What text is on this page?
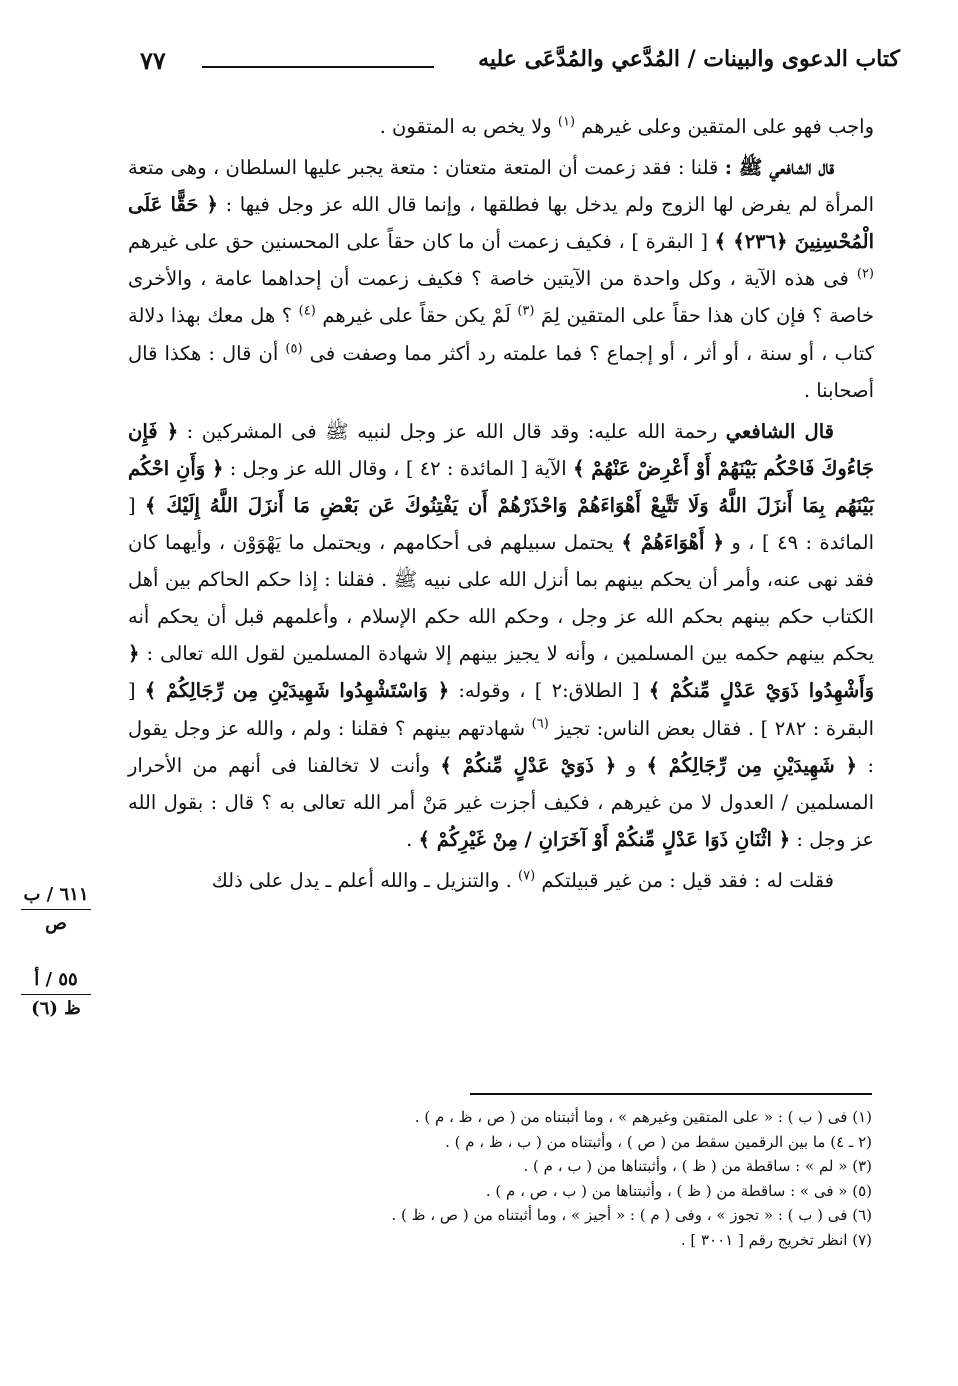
٧٧	كتاب الدعوى والبينات / المُدَّعي والمُدَّعَى عليه

واجب فهو على المتقين وعلى غيرهم $^{(١)}$ ولا يخص به المتقون .

قال الشافعي ﷺ : قلنا : فقد زعمت أن المتعة متعتان : متعة يجبر عليها السلطان ، وهى متعة المرأة لم يفرض لها الزوج ولم يدخل بها فطلقها ، وإنما قال الله عز وجل فيها : ﴿ حَقًّا عَلَى الْمُحْسِنِينَ ﴿٢٣٦﴾ ﴾ [ البقرة ] ، فكيف زعمت أن ما كان حقاً على المحسنين حق على غيرهم $^{(٢)}$ فى هذه الآية ، وكل واحدة من الآيتين خاصة ؟ فكيف زعمت أن إحداهما عامة ، والأخرى خاصة ؟ فإن كان هذا حقاً على المتقين لِمَ $^{(٣)}$ لَمْ يكن حقاً على غيرهم $^{(٤)}$ ؟ هل معك بهذا دلالة كتاب ، أو سنة ، أو أثر ، أو إجماع ؟ فما علمته رد أكثر مما وصفت فى $^{(٥)}$ أن قال : هكذا قال أصحابنا .

قال الشافعي رحمة الله عليه: وقد قال الله عز وجل لنبيه ﷺ فى المشركين : ﴿ فَإِن جَاءُوكَ فَاحْكُم بَيْنَهُمْ أَوْ أَعْرِضْ عَنْهُمْ ﴾ الآية [ المائدة : ٤٢ ] ، وقال الله عز وجل : ﴿ وَأَنِ احْكُم بَيْنَهُم بِمَا أَنزَلَ اللَّهُ وَلَا تَتَّبِعْ أَهْوَاءَهُمْ وَاحْذَرْهُمْ أَن يَفْتِنُوكَ عَن بَعْضِ مَا أَنزَلَ اللَّهُ إِلَيْكَ ﴾ [ المائدة : ٤٩ ] ، و ﴿ أَهْوَاءَهُمْ ﴾ يحتمل سبيلهم فى أحكامهم ، ويحتمل ما يَهْوَوْن ، وأيهما كان فقد نهى عنه، وأمر أن يحكم بينهم بما أنزل الله على نبيه ﷺ . فقلنا : إذا حكم الحاكم بين أهل الكتاب حكم بينهم بحكم الله عز وجل ، وحكم الله حكم الإسلام ، وأعلمهم قبل أن يحكم أنه يحكم بينهم حكمه بين المسلمين ، وأنه لا يجيز بينهم إلا شهادة المسلمين لقول الله تعالى : ﴿ وَأَشْهِدُوا ذَوَيْ عَدْلٍ مِّنكُمْ ﴾ [ الطلاق:٢ ] ، وقوله: ﴿ وَاسْتَشْهِدُوا شَهِيدَيْنِ مِن رِّجَالِكُمْ ﴾ [ البقرة : ٢٨٢ ] . فقال بعض الناس: تجيز $^{(٦)}$ شهادتهم بينهم ؟ فقلنا : ولم ، والله عز وجل يقول : ﴿ شَهِيدَيْنِ مِن رِّجَالِكُمْ ﴾ و ﴿ ذَوَيْ عَدْلٍ مِّنكُمْ ﴾ وأنت لا تخالفنا فى أنهم من الأحرار المسلمين / العدول لا من غيرهم ، فكيف أجزت غير مَنْ أمر الله تعالى به ؟ قال : بقول الله عز وجل : ﴿ اثْنَانِ ذَوَا عَدْلٍ مِّنكُمْ أَوْ آخَرَانِ / مِنْ غَيْرِكُمْ ﴾ .

فقلت له : فقد قيل : من غير قبيلتكم $^{(٧)}$ . والتنزيل ـ والله أعلم ـ يدل على ذلك

٦١١ / ب
ص
٥٥ / أ
ظ (٦)
(١) فى ( ب ) : « على المتقين وغيرهم » ، وما أثبتناه من ( ص ، ظ ، م ) .
(٢ ـ ٤) ما بين الرقمين سقط من ( ص ) ، وأثبتناه من ( ب ، ظ ، م ) .
(٣) « لم » : ساقطة من ( ظ ) ، وأثبتناها من ( ب ، م ) .
(٥) « فى » : ساقطة من ( ظ ) ، وأثبتناها من ( ب ، ص ، م ) .
(٦) فى ( ب ) : « تجوز » ، وفى ( م ) : « أجيز » ، وما أثبتناه من ( ص ، ظ ) .
(٧) انظر تخريج رقم [ ٣٠٠١ ] .
